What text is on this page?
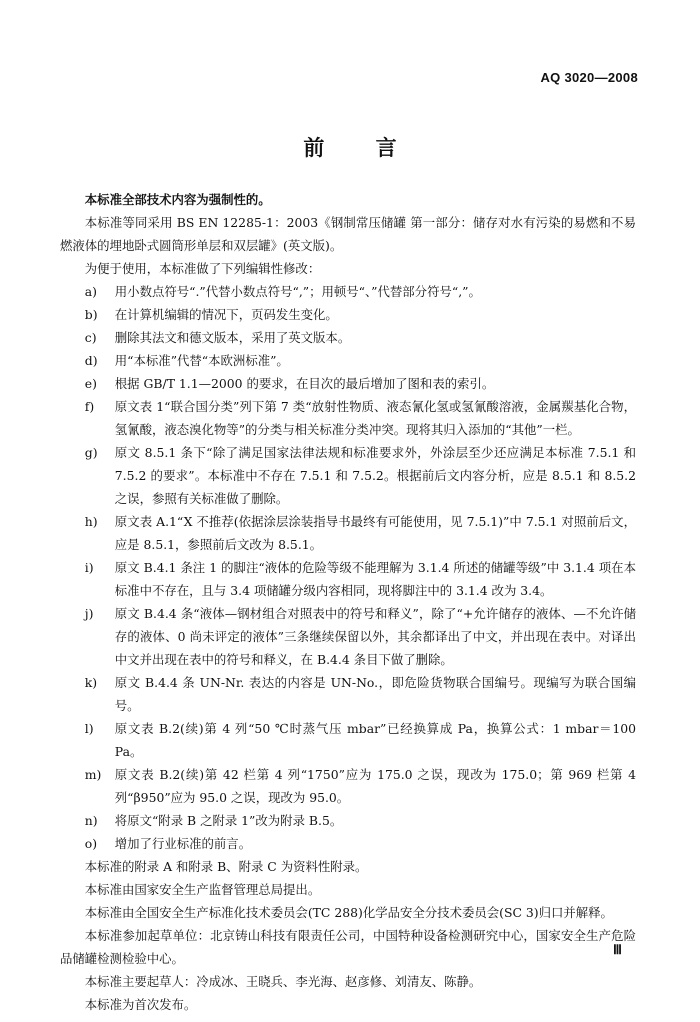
AQ 3020—2008
前 言

本标准全部技术内容为强制性的。

本标准等同采用 BS EN 12285-1：2003《钢制常压储罐 第一部分：储存对水有污染的易燃和不易燃液体的埋地卧式圆筒形单层和双层罐》(英文版)。

为便于使用，本标准做了下列编辑性修改：

a)	用小数点符号“.”代替小数点符号“,”；用顿号“、”代替部分符号“,”。
b)	在计算机编辑的情况下，页码发生变化。
c)	删除其法文和德文版本，采用了英文版本。
d)	用“本标准”代替“本欧洲标准”。
e)	根据 GB/T 1.1—2000 的要求，在目次的最后增加了图和表的索引。
f)	原文表 1“联合国分类”列下第 7 类“放射性物质、液态氰化氢或氢氰酸溶液，金属羰基化合物，氢氰酸，液态溴化物等”的分类与相关标准分类冲突。现将其归入添加的“其他”一栏。
g)	原文 8.5.1 条下“除了满足国家法律法规和标准要求外，外涂层至少还应满足本标准 7.5.1 和 7.5.2 的要求”。本标准中不存在 7.5.1 和 7.5.2。根据前后文内容分析，应是 8.5.1 和 8.5.2 之误，参照有关标准做了删除。
h)	原文表 A.1“X 不推荐(依据涂层涂装指导书最终有可能使用，见 7.5.1)”中 7.5.1 对照前后文，应是 8.5.1，参照前后文改为 8.5.1。
i)	原文 B.4.1 条注 1 的脚注“液体的危险等级不能理解为 3.1.4 所述的储罐等级”中 3.1.4 项在本标准中不存在，且与 3.4 项储罐分级内容相同，现将脚注中的 3.1.4 改为 3.4。
j)	原文 B.4.4 条“液体—钢材组合对照表中的符号和释义”，除了“+允许储存的液体、—不允许储存的液体、0 尚未评定的液体”三条继续保留以外，其余都译出了中文，并出现在表中。对译出中文并出现在表中的符号和释义，在 B.4.4 条目下做了删除。
k)	原文 B.4.4 条 UN-Nr. 表达的内容是 UN-No.，即危险货物联合国编号。现编写为联合国编号。
l)	原文表 B.2(续)第 4 列“50 ℃时蒸气压 mbar”已经换算成 Pa，换算公式：1 mbar＝100 Pa。
m)	原文表 B.2(续)第 42 栏第 4 列“1750”应为 175.0 之误，现改为 175.0；第 969 栏第 4 列“β950”应为 95.0 之误，现改为 95.0。
n)	将原文“附录 B 之附录 1”改为附录 B.5。
o)	增加了行业标准的前言。

本标准的附录 A 和附录 B、附录 C 为资料性附录。

本标准由国家安全生产监督管理总局提出。

本标准由全国安全生产标准化技术委员会(TC 288)化学品安全分技术委员会(SC 3)归口并解释。

本标准参加起草单位：北京铸山科技有限责任公司，中国特种设备检测研究中心，国家安全生产危险品储罐检测检验中心。

本标准主要起草人：冷成冰、王晓兵、李光海、赵彦修、刘清友、陈静。

本标准为首次发布。

Ⅲ
